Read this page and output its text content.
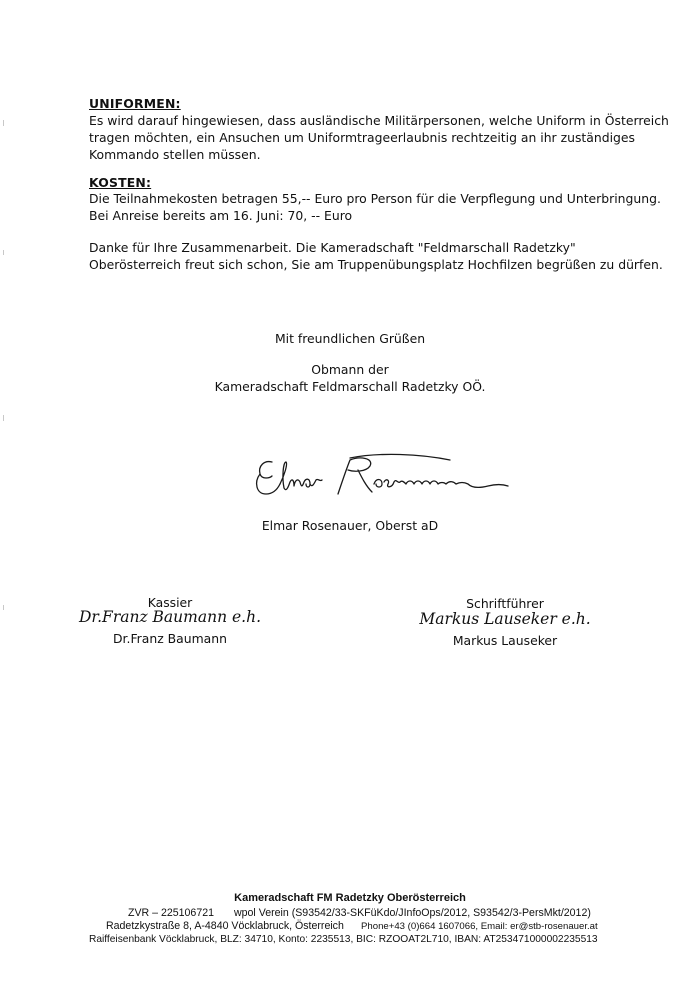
UNIFORMEN:
Es wird darauf hingewiesen, dass ausländische Militärpersonen, welche Uniform in Österreich
tragen möchten, ein Ansuchen um Uniformtrageerlaubnis rechtzeitig an ihr zuständiges
Kommando stellen müssen.
KOSTEN:
Die Teilnahmekosten betragen 55,-- Euro pro Person für die Verpflegung und Unterbringung.
Bei Anreise bereits am 16. Juni: 70, -- Euro
Danke für Ihre Zusammenarbeit. Die Kameradschaft "Feldmarschall Radetzky"
Oberösterreich freut sich schon, Sie am Truppenübungsplatz Hochfilzen begrüßen zu dürfen.
Mit freundlichen Grüßen
Obmann der
Kameradschaft Feldmarschall Radetzky OÖ.
Elmar Rosenauer, Oberst aD
Kassier
Dr.Franz Baumann e.h.
Dr.Franz Baumann
Schriftführer
Markus Lauseker e.h.
Markus Lauseker
Kameradschaft FM Radetzky Oberösterreich
ZVR – 225106721 wpol Verein (S93542/33-SKFüKdo/JInfoOps/2012, S93542/3-PersMkt/2012)
Radetzkystraße 8, A-4840 Vöcklabruck, Österreich Phone+43 (0)664 1607066, Email: er@stb-rosenauer.at
Raiffeisenbank Vöcklabruck, BLZ: 34710, Konto: 2235513, BIC: RZOOAT2L710, IBAN: AT253471000002235513
